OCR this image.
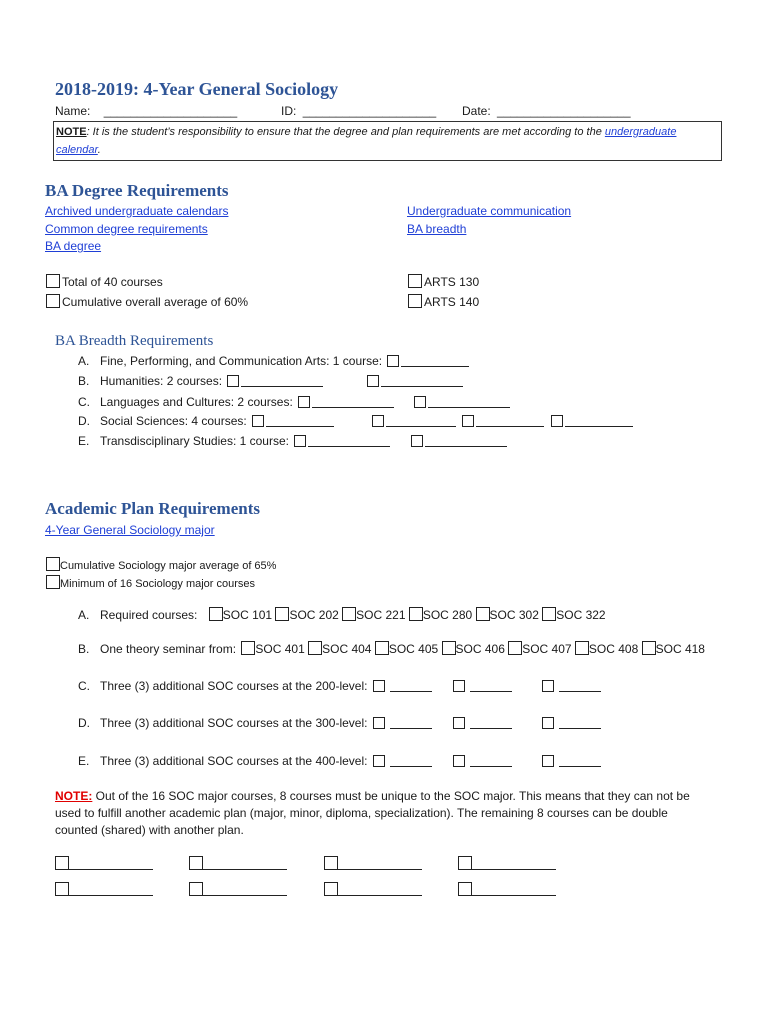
2018-2019: 4-Year General Sociology
Name: ____________________	ID: ____________________ Date: ____________________
NOTE: It is the student’s responsibility to ensure that the degree and plan requirements are met according to the undergraduate
calendar.
BA Degree Requirements
Archived undergraduate calendars
Common degree requirements
BA degree
Undergraduate communication
BA breadth
Total of 40 courses
Cumulative overall average of 60%
ARTS 130
ARTS 140
BA Breadth Requirements
A. Fine, Performing, and Communication Arts: 1 course:
B. Humanities: 2 courses:
C. Languages and Cultures: 2 courses:
D. Social Sciences: 4 courses:
E. Transdisciplinary Studies: 1 course:
Academic Plan Requirements
4-Year General Sociology major
Cumulative Sociology major average of 65%
Minimum of 16 Sociology major courses
A. Required courses: SOC 101 SOC 202 SOC 221 SOC 280 SOC 302 SOC 322
B. One theory seminar from: SOC 401 SOC 404 SOC 405 SOC 406 SOC 407 SOC 408 SOC 418
C. Three (3) additional SOC courses at the 200-level:
D. Three (3) additional SOC courses at the 300-level:
E. Three (3) additional SOC courses at the 400-level:
NOTE: Out of the 16 SOC major courses, 8 courses must be unique to the SOC major. This means that they can not be
used to fulfill another academic plan (major, minor, diploma, specialization). The remaining 8 courses can be double
counted (shared) with another plan.
